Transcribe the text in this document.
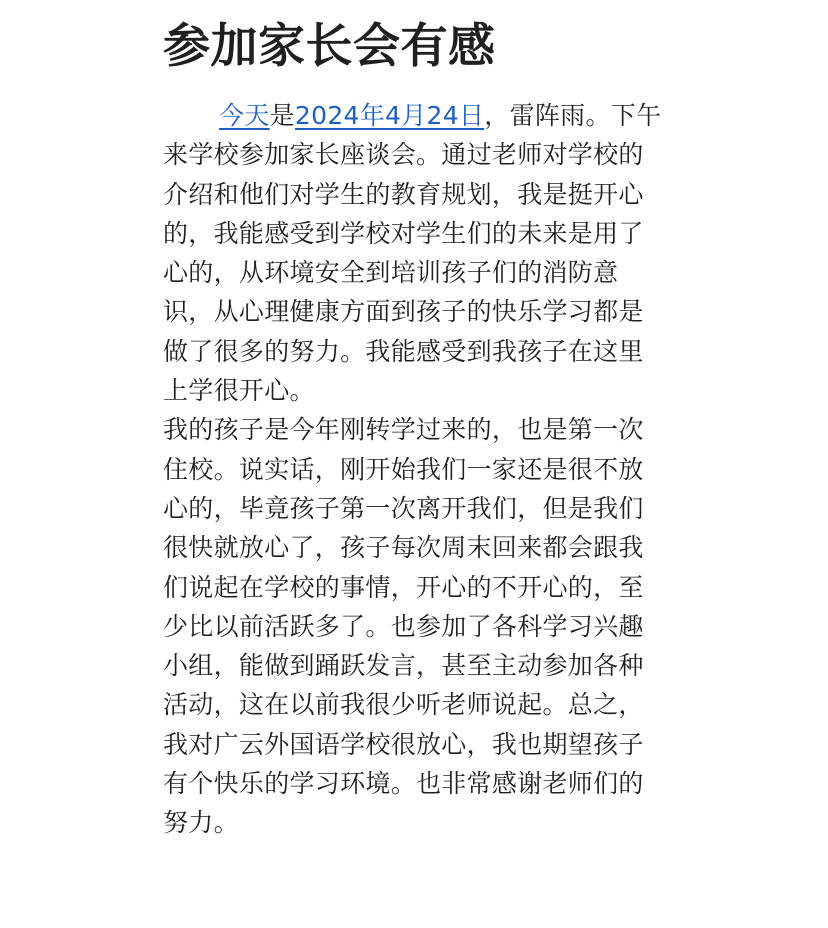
参加家长会有感
今天是2024年4月24日，雷阵雨。下午
来学校参加家长座谈会。通过老师对学校的
介绍和他们对学生的教育规划，我是挺开心
的，我能感受到学校对学生们的未来是用了
心的，从环境安全到培训孩子们的消防意
识，从心理健康方面到孩子的快乐学习都是
做了很多的努力。我能感受到我孩子在这里
上学很开心。
我的孩子是今年刚转学过来的，也是第一次
住校。说实话，刚开始我们一家还是很不放
心的，毕竟孩子第一次离开我们，但是我们
很快就放心了，孩子每次周末回来都会跟我
们说起在学校的事情，开心的不开心的，至
少比以前活跃多了。也参加了各科学习兴趣
小组，能做到踊跃发言，甚至主动参加各种
活动，这在以前我很少听老师说起。总之，
我对广云外国语学校很放心，我也期望孩子
有个快乐的学习环境。也非常感谢老师们的
努力。
